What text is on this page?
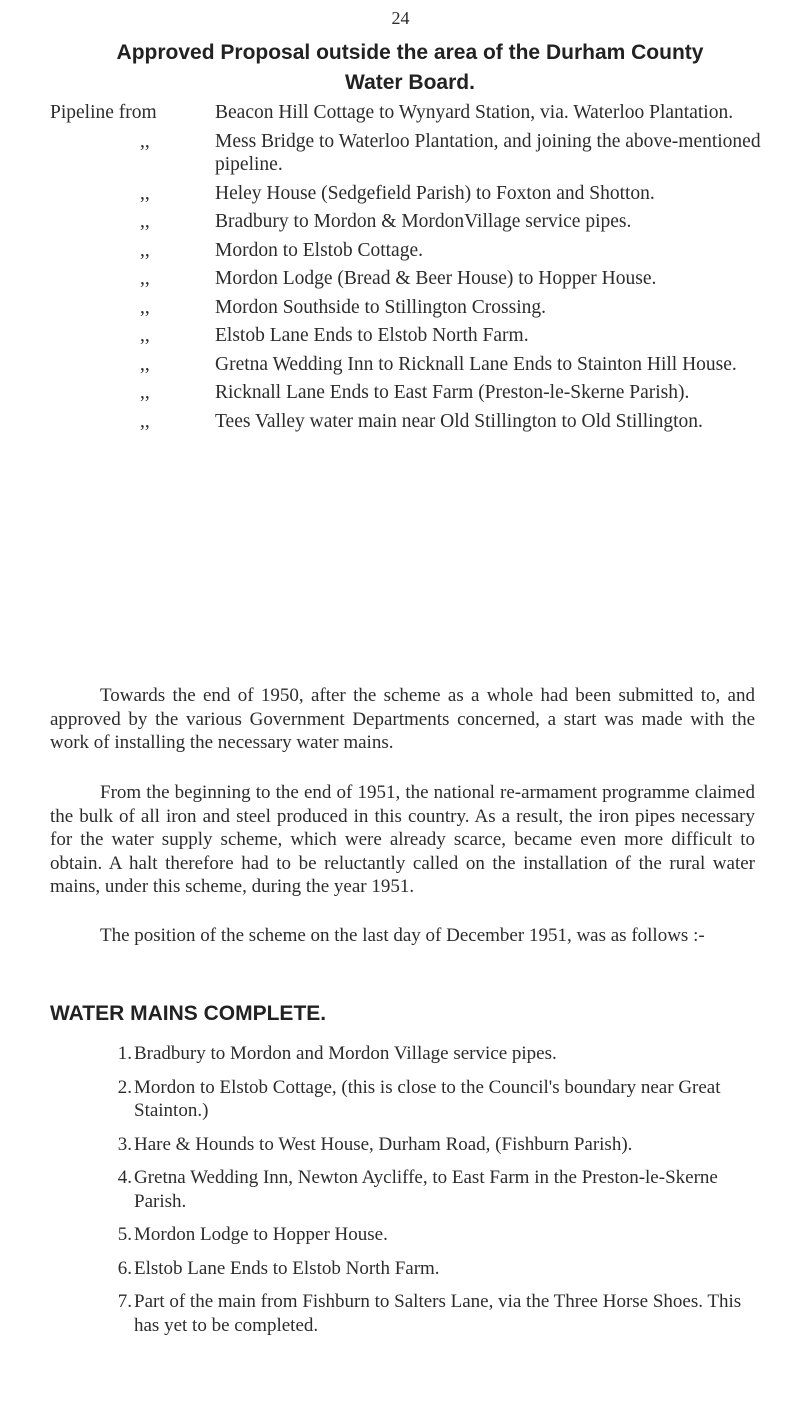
24
Approved Proposal outside the area of the Durham County Water Board.
Pipeline from	Beacon Hill Cottage to Wynyard Station, via. Waterloo Plantation.
,,	Mess Bridge to Waterloo Plantation, and joining the above-mentioned pipeline.
,,	Heley House (Sedgefield Parish) to Foxton and Shotton.
,,	Bradbury to Mordon & MordonVillage service pipes.
,,	Mordon to Elstob Cottage.
,,	Mordon Lodge (Bread & Beer House) to Hopper House.
,,	Mordon Southside to Stillington Crossing.
,,	Elstob Lane Ends to Elstob North Farm.
,,	Gretna Wedding Inn to Ricknall Lane Ends to Stainton Hill House.
,,	Ricknall Lane Ends to East Farm (Preston-le-Skerne Parish).
,,	Tees Valley water main near Old Stillington to Old Stillington.

Towards the end of 1950, after the scheme as a whole had been submitted to, and approved by the various Government Departments concerned, a start was made with the work of installing the necessary water mains.

From the beginning to the end of 1951, the national re-armament programme claimed the bulk of all iron and steel produced in this country. As a result, the iron pipes necessary for the water supply scheme, which were already scarce, became even more difficult to obtain. A halt therefore had to be reluctantly called on the installation of the rural water mains, under this scheme, during the year 1951.

The position of the scheme on the last day of December 1951, was as follows :-

WATER MAINS COMPLETE.
1. Bradbury to Mordon and Mordon Village service pipes.
2. Mordon to Elstob Cottage, (this is close to the Council's boundary near Great Stainton.)
3. Hare & Hounds to West House, Durham Road, (Fishburn Parish).
4. Gretna Wedding Inn, Newton Aycliffe, to East Farm in the Preston-le-Skerne Parish.
5. Mordon Lodge to Hopper House.
6. Elstob Lane Ends to Elstob North Farm.
7. Part of the main from Fishburn to Salters Lane, via the Three Horse Shoes. This has yet to be completed.
